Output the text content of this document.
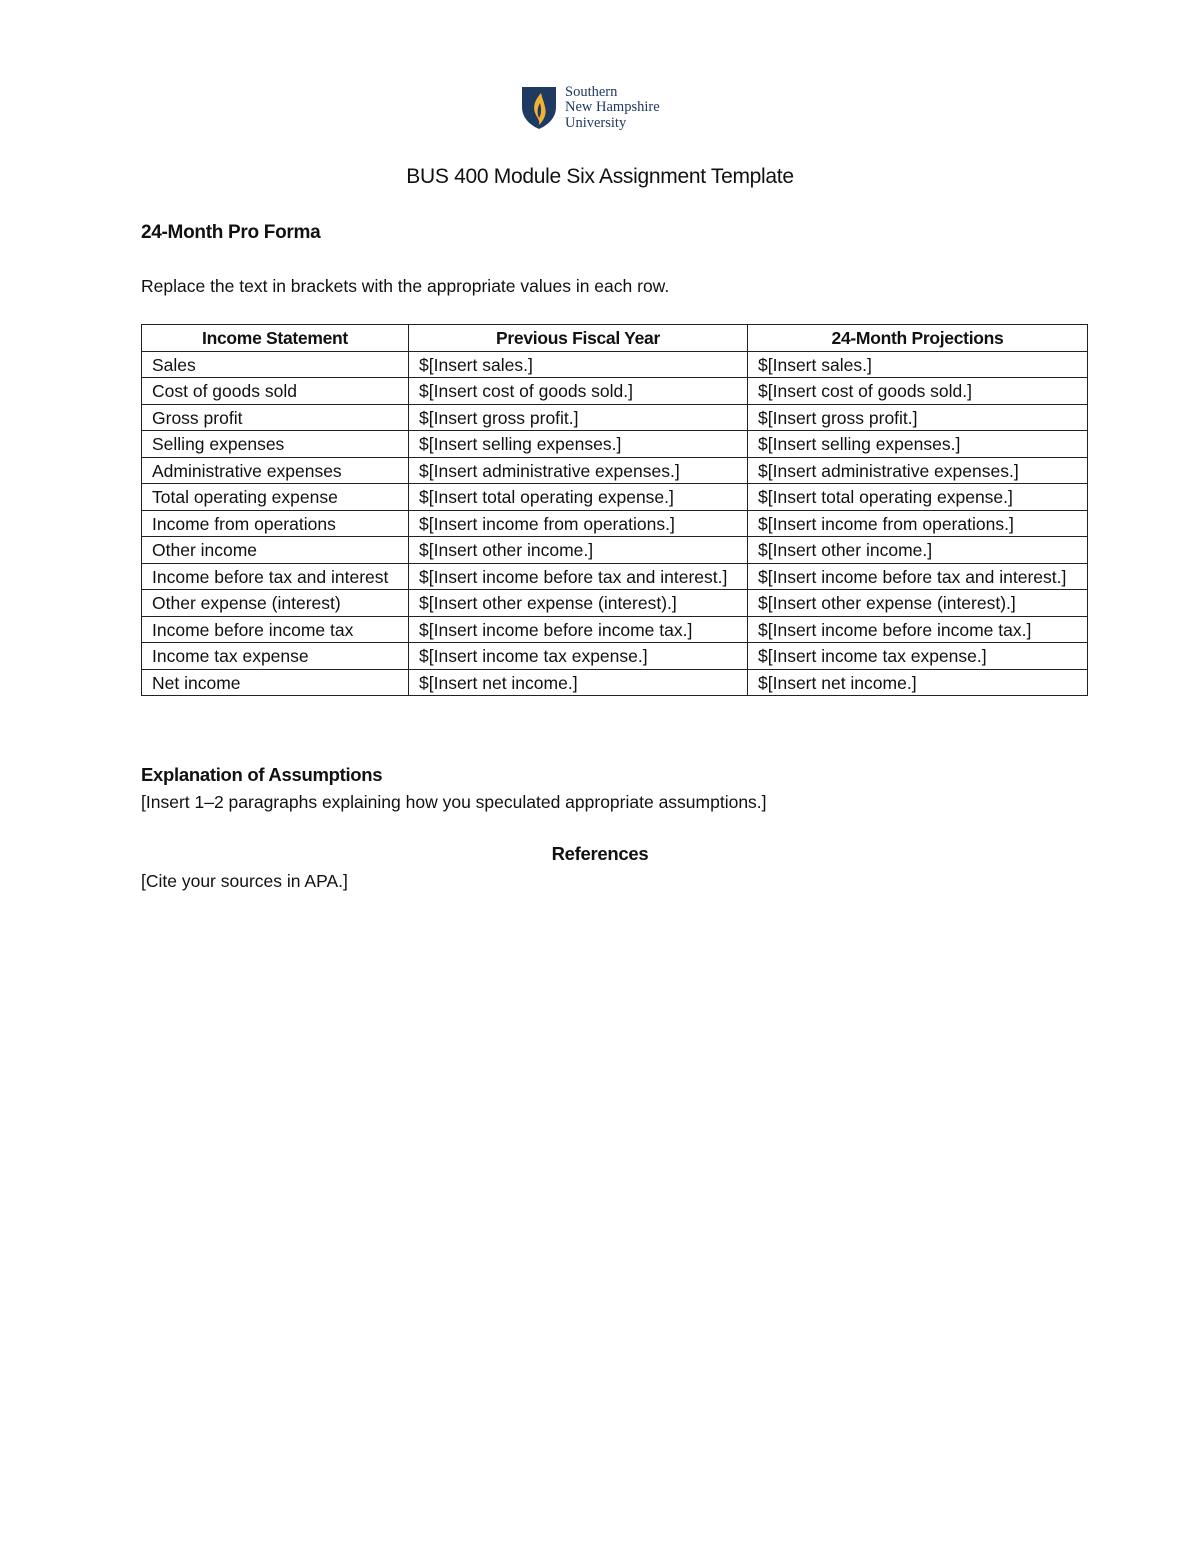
Southern
New Hampshire
University
BUS 400 Module Six Assignment Template
24-Month Pro Forma

Replace the text in brackets with the appropriate values in each row.

Income Statement	Previous Fiscal Year	24-Month Projections
Sales	$[Insert sales.]	$[Insert sales.]
Cost of goods sold	$[Insert cost of goods sold.]	$[Insert cost of goods sold.]
Gross profit	$[Insert gross profit.]	$[Insert gross profit.]
Selling expenses	$[Insert selling expenses.]	$[Insert selling expenses.]
Administrative expenses	$[Insert administrative expenses.]	$[Insert administrative expenses.]
Total operating expense	$[Insert total operating expense.]	$[Insert total operating expense.]
Income from operations	$[Insert income from operations.]	$[Insert income from operations.]
Other income	$[Insert other income.]	$[Insert other income.]
Income before tax and interest	$[Insert income before tax and interest.]	$[Insert income before tax and interest.]
Other expense (interest)	$[Insert other expense (interest).]	$[Insert other expense (interest).]
Income before income tax	$[Insert income before income tax.]	$[Insert income before income tax.]
Income tax expense	$[Insert income tax expense.]	$[Insert income tax expense.]
Net income	$[Insert net income.]	$[Insert net income.]
Explanation of Assumptions

[Insert 1–2 paragraphs explaining how you speculated appropriate assumptions.]

References

[Cite your sources in APA.]
